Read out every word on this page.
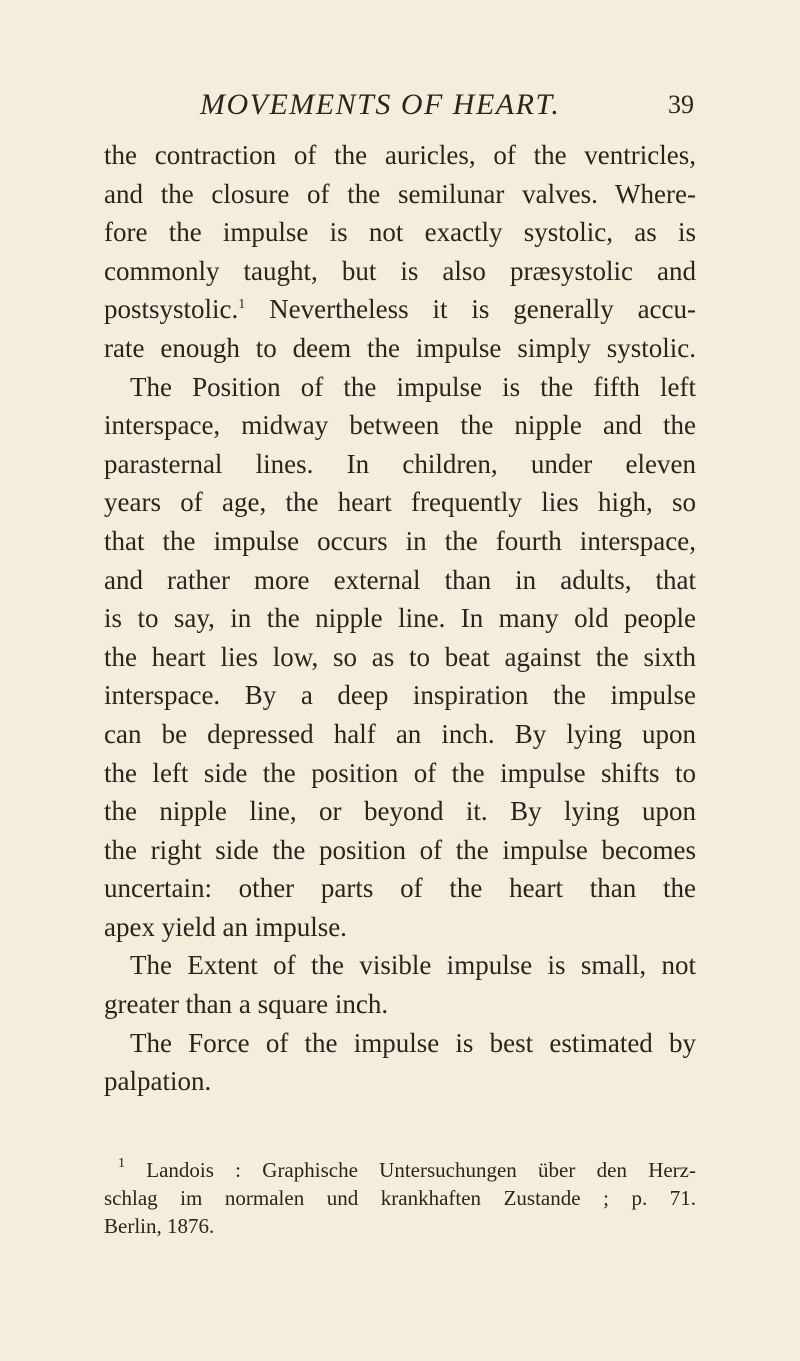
MOVEMENTS OF HEART.	39
the contraction of the auricles, of the ventricles,
and the closure of the semilunar valves. Where-
fore the impulse is not exactly systolic, as is
commonly taught, but is also præsystolic and
postsystolic.$^1$ Nevertheless it is generally accu-
rate enough to deem the impulse simply systolic.
The Position of the impulse is the fifth left
interspace, midway between the nipple and the
parasternal lines. In children, under eleven
years of age, the heart frequently lies high, so
that the impulse occurs in the fourth interspace,
and rather more external than in adults, that
is to say, in the nipple line. In many old people
the heart lies low, so as to beat against the sixth
interspace. By a deep inspiration the impulse
can be depressed half an inch. By lying upon
the left side the position of the impulse shifts to
the nipple line, or beyond it. By lying upon
the right side the position of the impulse becomes
uncertain: other parts of the heart than the
apex yield an impulse.
The Extent of the visible impulse is small, not
greater than a square inch.
The Force of the impulse is best estimated by
palpation.
$^1$ Landois : Graphische Untersuchungen über den Herz-
schlag im normalen und krankhaften Zustande ; p. 71.
Berlin, 1876.
